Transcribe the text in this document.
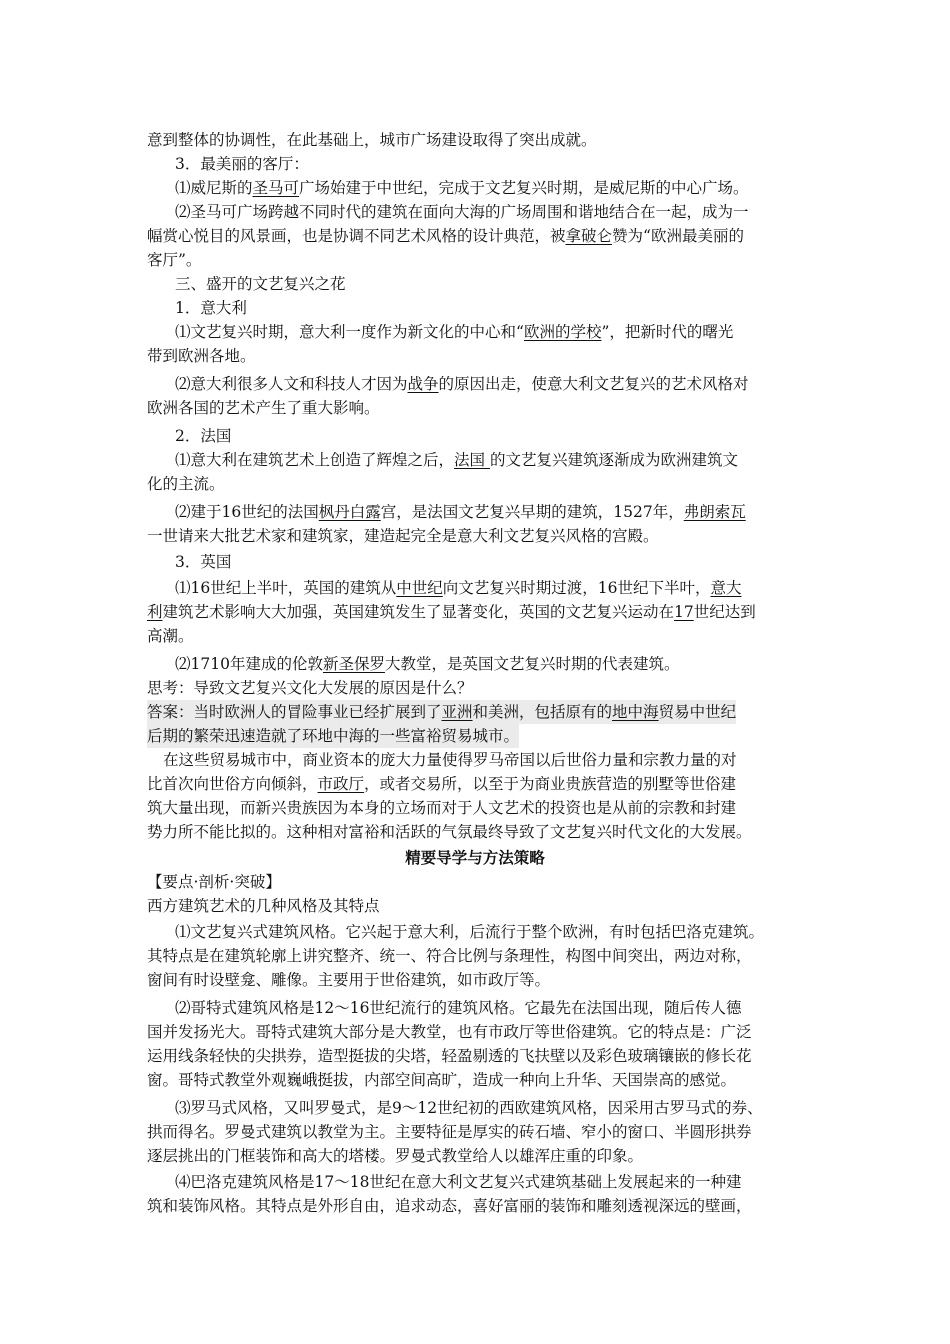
意到整体的协调性，在此基础上，城市广场建设取得了突出成就。
3．最美丽的客厅：
⑴威尼斯的圣马可广场始建于中世纪，完成于文艺复兴时期，是威尼斯的中心广场。
⑵圣马可广场跨越不同时代的建筑在面向大海的广场周围和谐地结合在一起，成为一
幅赏心悦目的风景画，也是协调不同艺术风格的设计典范，被拿破仑赞为“欧洲最美丽的
客厅”。
三、盛开的文艺复兴之花
1．意大利
⑴文艺复兴时期，意大利一度作为新文化的中心和“欧洲的学校”，把新时代的曙光
带到欧洲各地。
⑵意大利很多人文和科技人才因为战争的原因出走，使意大利文艺复兴的艺术风格对
欧洲各国的艺术产生了重大影响。
2．法国
⑴意大利在建筑艺术上创造了辉煌之后，法国 的文艺复兴建筑逐渐成为欧洲建筑文
化的主流。
⑵建于16世纪的法国枫丹白露宫，是法国文艺复兴早期的建筑，1527年，弗朗索瓦
一世请来大批艺术家和建筑家，建造起完全是意大利文艺复兴风格的宫殿。
3．英国
⑴16世纪上半叶，英国的建筑从中世纪向文艺复兴时期过渡，16世纪下半叶，意大
利建筑艺术影响大大加强，英国建筑发生了显著变化，英国的文艺复兴运动在17世纪达到
高潮。
⑵1710年建成的伦敦新圣保罗大教堂，是英国文艺复兴时期的代表建筑。
思考：导致文艺复兴文化大发展的原因是什么？
答案：当时欧洲人的冒险事业已经扩展到了亚洲和美洲，包括原有的地中海贸易中世纪
后期的繁荣迅速造就了环地中海的一些富裕贸易城市。
在这些贸易城市中，商业资本的庞大力量使得罗马帝国以后世俗力量和宗教力量的对
比首次向世俗方向倾斜，市政厅，或者交易所，以至于为商业贵族营造的别墅等世俗建
筑大量出现，而新兴贵族因为本身的立场而对于人文艺术的投资也是从前的宗教和封建
势力所不能比拟的。这种相对富裕和活跃的气氛最终导致了文艺复兴时代文化的大发展。
精要导学与方法策略
【要点·剖析·突破】
西方建筑艺术的几种风格及其特点
⑴文艺复兴式建筑风格。它兴起于意大利，后流行于整个欧洲，有时包括巴洛克建筑。
其特点是在建筑轮廓上讲究整齐、统一、符合比例与条理性，构图中间突出，两边对称，
窗间有时设壁龛、雕像。主要用于世俗建筑，如市政厅等。
⑵哥特式建筑风格是12～16世纪流行的建筑风格。它最先在法国出现，随后传人德
国并发扬光大。哥特式建筑大部分是大教堂，也有市政厅等世俗建筑。它的特点是：广泛
运用线条轻快的尖拱券，造型挺拔的尖塔，轻盈剔透的飞扶壁以及彩色玻璃镶嵌的修长花
窗。哥特式教堂外观巍峨挺拔，内部空间高旷，造成一种向上升华、天国崇高的感觉。
⑶罗马式风格，又叫罗曼式，是9～12世纪初的西欧建筑风格，因采用古罗马式的券、
拱而得名。罗曼式建筑以教堂为主。主要特征是厚实的砖石墙、窄小的窗口、半圆形拱券
逐层挑出的门框装饰和高大的塔楼。罗曼式教堂给人以雄浑庄重的印象。
⑷巴洛克建筑风格是17～18世纪在意大利文艺复兴式建筑基础上发展起来的一种建
筑和装饰风格。其特点是外形自由，追求动态，喜好富丽的装饰和雕刻透视深远的壁画，
